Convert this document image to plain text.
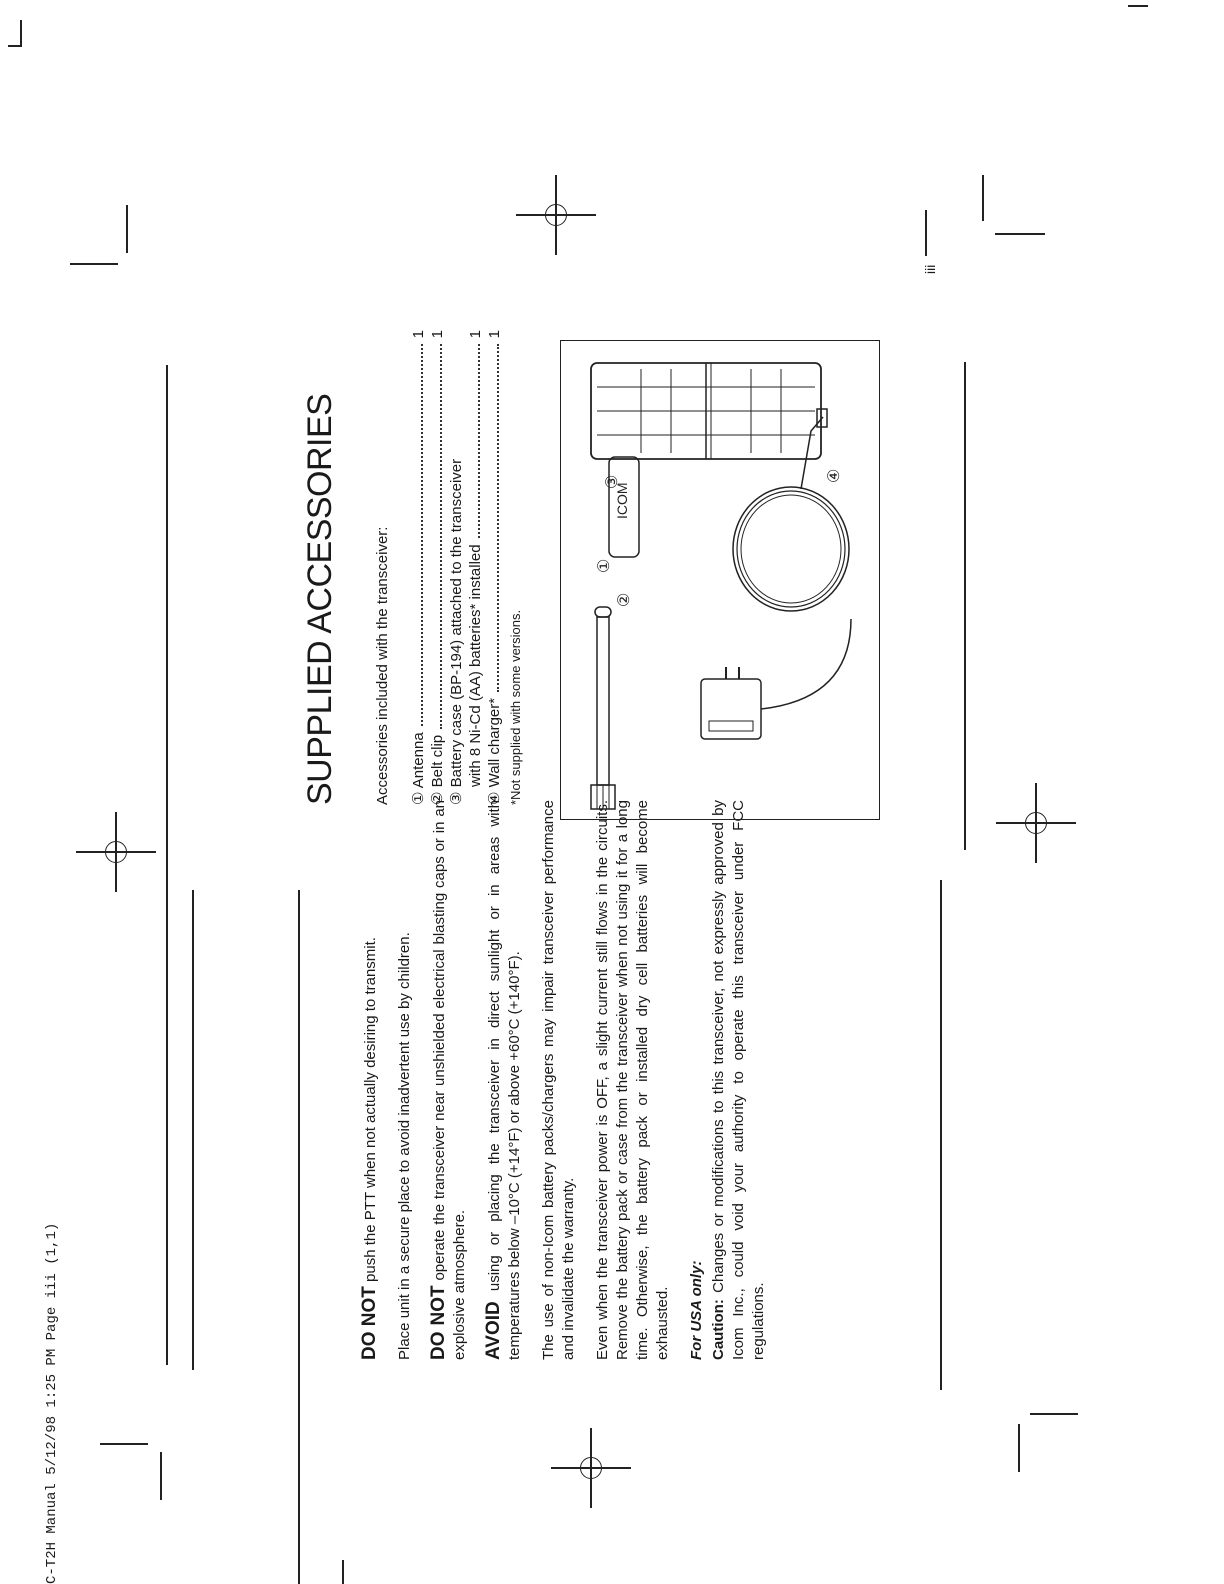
C-T2H Manual 5/12/98 1:25 PM Page iii (1,1)
iii

DO NOT push the PTT when not actually desiring to transmit. Place unit in a secure place to avoid inadvertent use by children. DO NOT operate the transceiver near unshielded electrical blasting caps or in an explosive atmosphere. AVOID using or placing the transceiver in direct sunlight or in areas with temperatures below –10°C (+14°F) or above +60°C (+140°F). The use of non-Icom battery packs/chargers may impair transceiver performance and invalidate the warranty. Even when the transceiver power is OFF, a slight current still flows in the circuits. Remove the battery pack or case from the transceiver when not using it for a long time. Otherwise, the battery pack or installed dry cell batteries will become exhausted. For USA only: Caution: Changes or modifications to this transceiver, not expressly approved by Icom Inc., could void your authority to operate this transceiver under FCC regulations.

SUPPLIED ACCESSORIES Accessories included with the transceiver: ① Antenna
1
② Belt clip
1
③ Battery case (BP-194) attached to the transceiver with 8 Ni-Cd (AA) batteries* installed
1
④ Wall charger*
1
*Not supplied with some versions.
①
ICOM
②
④
③
